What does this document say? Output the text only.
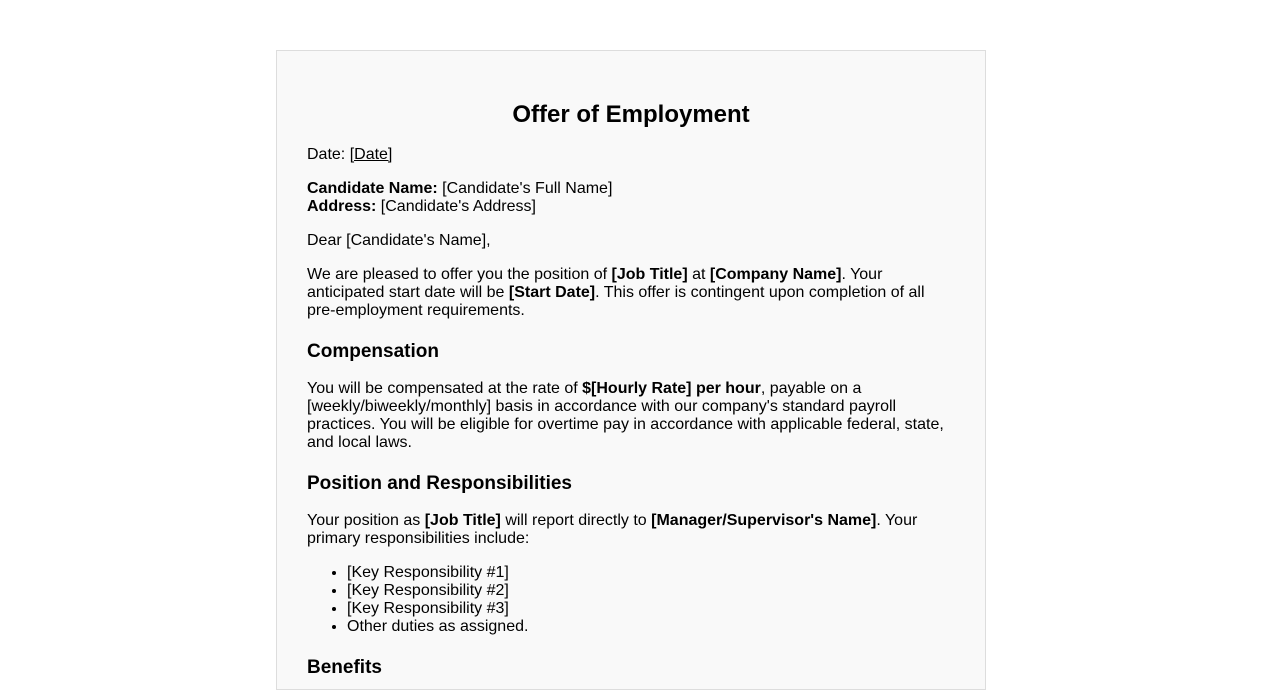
Offer of Employment

Date: [Date]

Candidate Name: [Candidate's Full Name]
Address: [Candidate's Address]

Dear [Candidate's Name],

We are pleased to offer you the position of [Job Title] at [Company Name]. Your anticipated start date will be [Start Date]. This offer is contingent upon completion of all pre-employment requirements.

Compensation

You will be compensated at the rate of $[Hourly Rate] per hour, payable on a [weekly/biweekly/monthly] basis in accordance with our company's standard payroll practices. You will be eligible for overtime pay in accordance with applicable federal, state, and local laws.

Position and Responsibilities

Your position as [Job Title] will report directly to [Manager/Supervisor's Name]. Your primary responsibilities include:

• [Key Responsibility #1]
• [Key Responsibility #2]
• [Key Responsibility #3]
• Other duties as assigned.
Benefits
